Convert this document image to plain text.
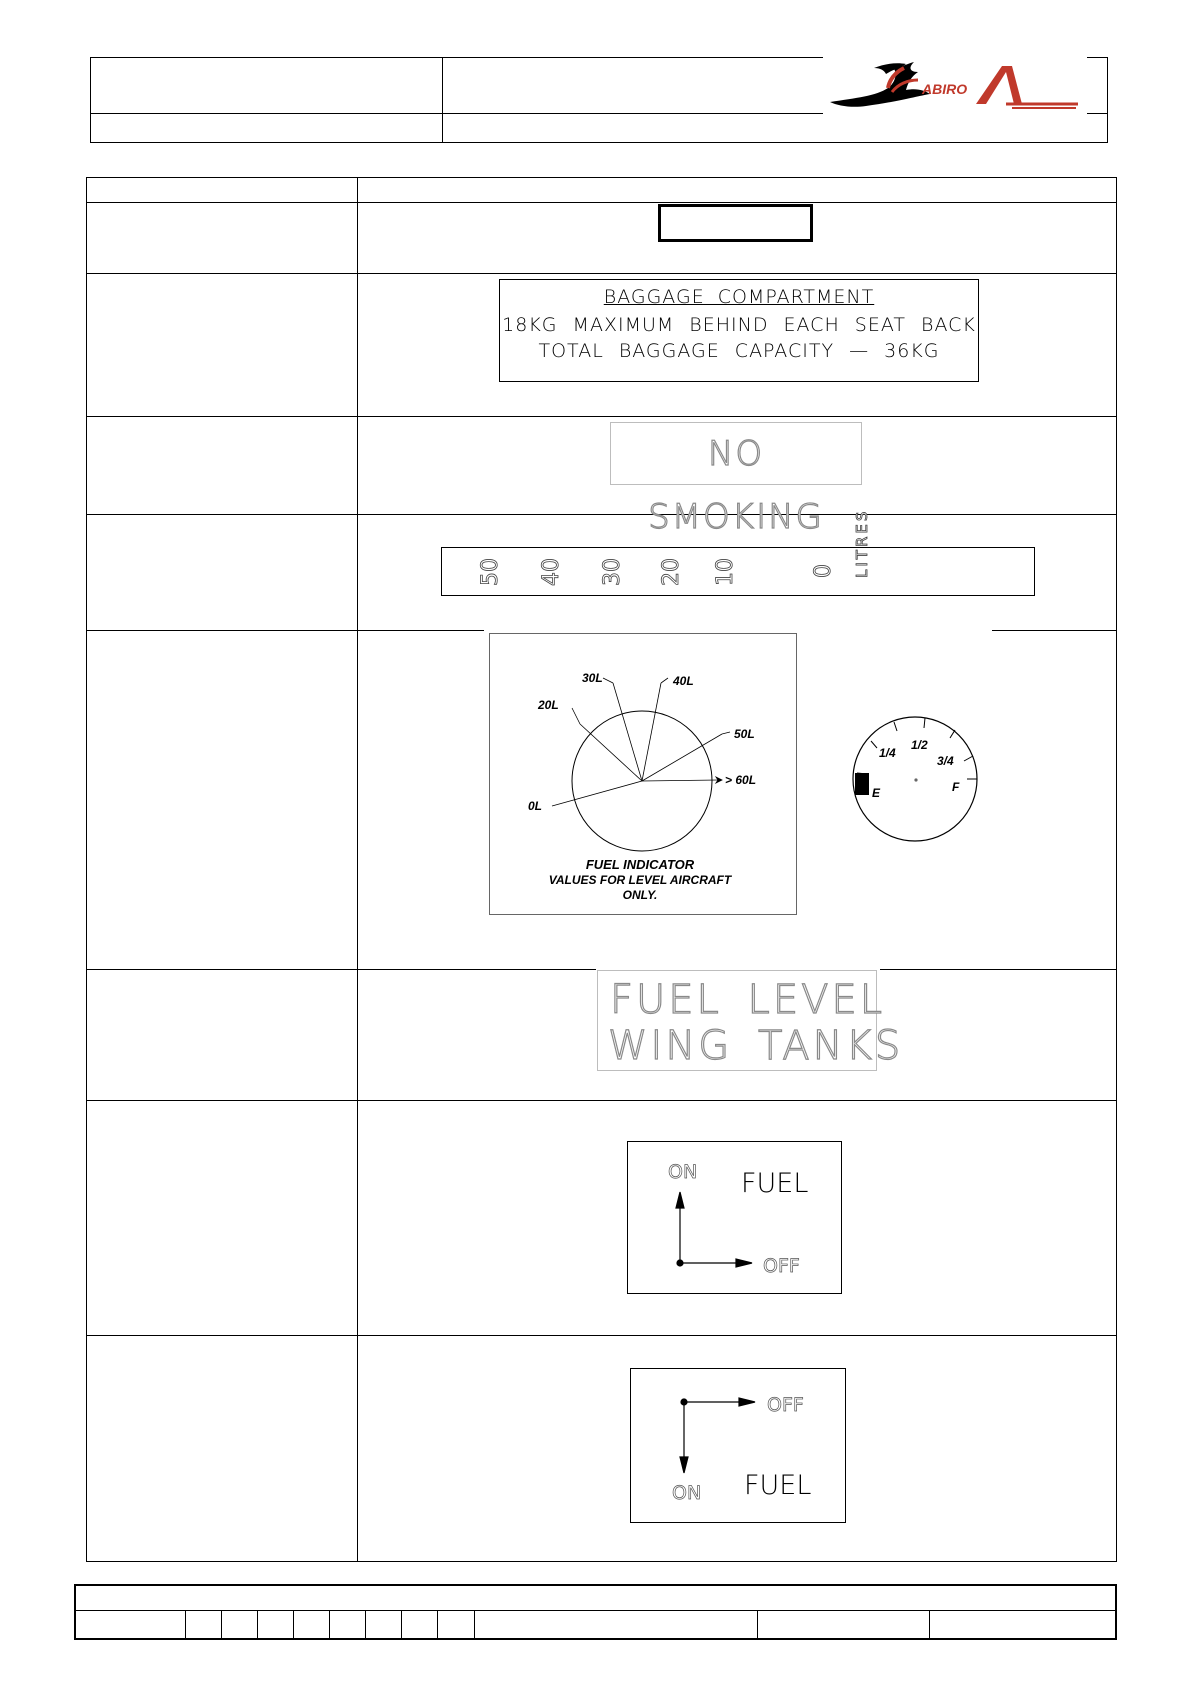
ABIRO
BAGGAGE COMPARTMENT
18KG MAXIMUM BEHIND EACH SEAT BACK
TOTAL BAGGAGE CAPACITY — 36KG
NO SMOKING
50 40 30 20 10	0 LITRES
30L	40L
20L
50L
> 60L
0L
FUEL INDICATOR
VALUES FOR LEVEL AIRCRAFT
ONLY.
1/4
1/2
3/4
E	F
FUEL LEVEL
WING TANKS
ON
OFF
FUEL
OFF
ON FUEL
